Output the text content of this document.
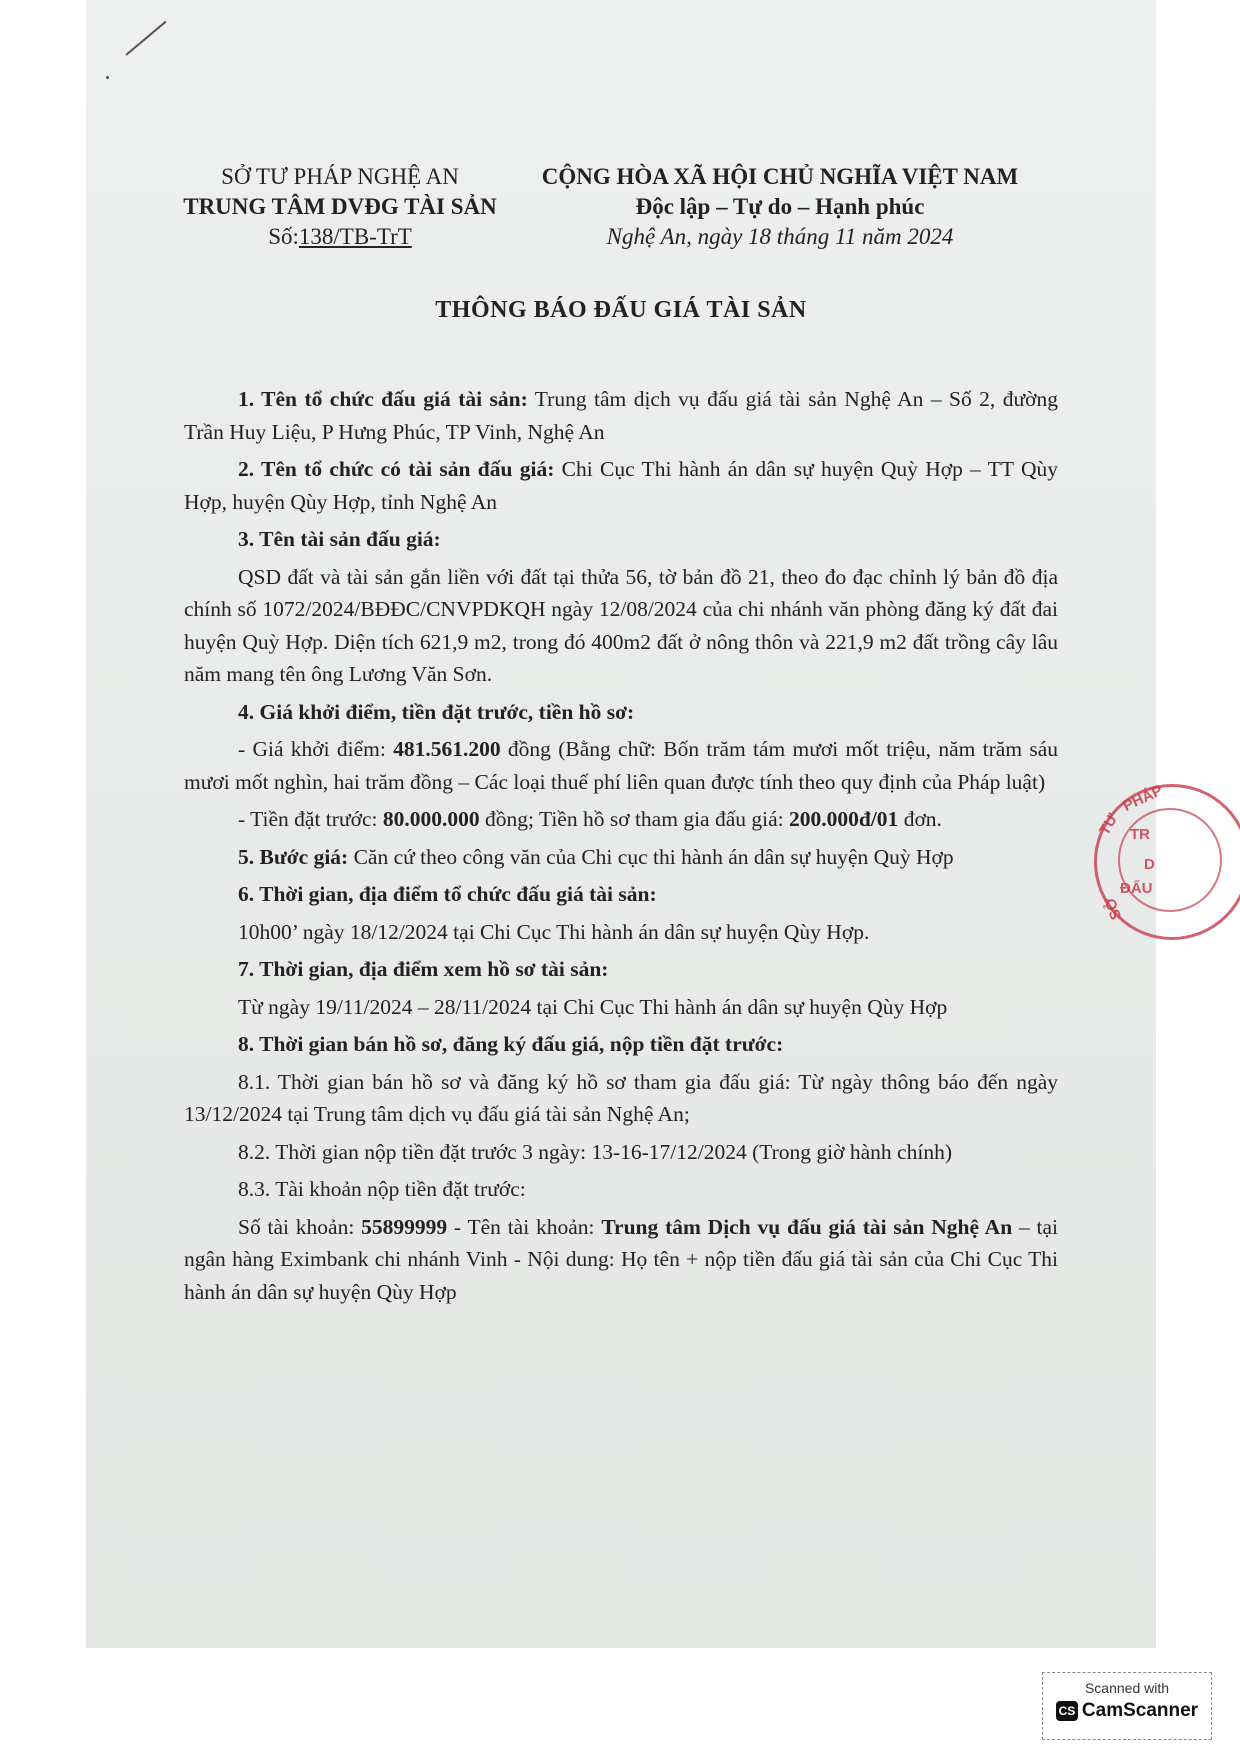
SỞ TƯ PHÁP NGHỆ AN
TRUNG TÂM DVĐG TÀI SẢN
Số:138/TB-TrT
CỘNG HÒA XÃ HỘI CHỦ NGHĨA VIỆT NAM
Độc lập – Tự do – Hạnh phúc
Nghệ An, ngày 18 tháng 11 năm 2024
THÔNG BÁO ĐẤU GIÁ TÀI SẢN

1. Tên tổ chức đấu giá tài sản: Trung tâm dịch vụ đấu giá tài sản Nghệ An – Số 2, đường Trần Huy Liệu, P Hưng Phúc, TP Vinh, Nghệ An

2. Tên tổ chức có tài sản đấu giá: Chi Cục Thi hành án dân sự huyện Quỳ Hợp – TT Qùy Hợp, huyện Qùy Hợp, tỉnh Nghệ An

3. Tên tài sản đấu giá:

QSD đất và tài sản gắn liền với đất tại thửa 56, tờ bản đồ 21, theo đo đạc chỉnh lý bản đồ địa chính số 1072/2024/BĐĐC/CNVPDKQH ngày 12/08/2024 của chi nhánh văn phòng đăng ký đất đai huyện Quỳ Hợp. Diện tích 621,9 m2, trong đó 400m2 đất ở nông thôn và 221,9 m2 đất trồng cây lâu năm mang tên ông Lương Văn Sơn.

4. Giá khởi điểm, tiền đặt trước, tiền hồ sơ:

- Giá khởi điểm: 481.561.200 đồng (Bằng chữ: Bốn trăm tám mươi mốt triệu, năm trăm sáu mươi mốt nghìn, hai trăm đồng – Các loại thuế phí liên quan được tính theo quy định của Pháp luật)

- Tiền đặt trước: 80.000.000 đồng; Tiền hồ sơ tham gia đấu giá: 200.000đ/01 đơn.

5. Bước giá: Căn cứ theo công văn của Chi cục thi hành án dân sự huyện Quỳ Hợp

6. Thời gian, địa điểm tổ chức đấu giá tài sản:

10h00’ ngày 18/12/2024 tại Chi Cục Thi hành án dân sự huyện Qùy Hợp.

7. Thời gian, địa điểm xem hồ sơ tài sản:

Từ ngày 19/11/2024 – 28/11/2024 tại Chi Cục Thi hành án dân sự huyện Qùy Hợp

8. Thời gian bán hồ sơ, đăng ký đấu giá, nộp tiền đặt trước:

8.1. Thời gian bán hồ sơ và đăng ký hồ sơ tham gia đấu giá: Từ ngày thông báo đến ngày 13/12/2024 tại Trung tâm dịch vụ đấu giá tài sản Nghệ An;

8.2. Thời gian nộp tiền đặt trước 3 ngày: 13-16-17/12/2024 (Trong giờ hành chính)

8.3. Tài khoản nộp tiền đặt trước:

Số tài khoản: 55899999 - Tên tài khoản: Trung tâm Dịch vụ đấu giá tài sản Nghệ An – tại ngân hàng Eximbank chi nhánh Vinh - Nội dung: Họ tên + nộp tiền đấu giá tài sản của Chi Cục Thi hành án dân sự huyện Qùy Hợp

PHÁP
TƯ TR
D
ĐẤU
SỞ
Scanned with
CS CamScanner
